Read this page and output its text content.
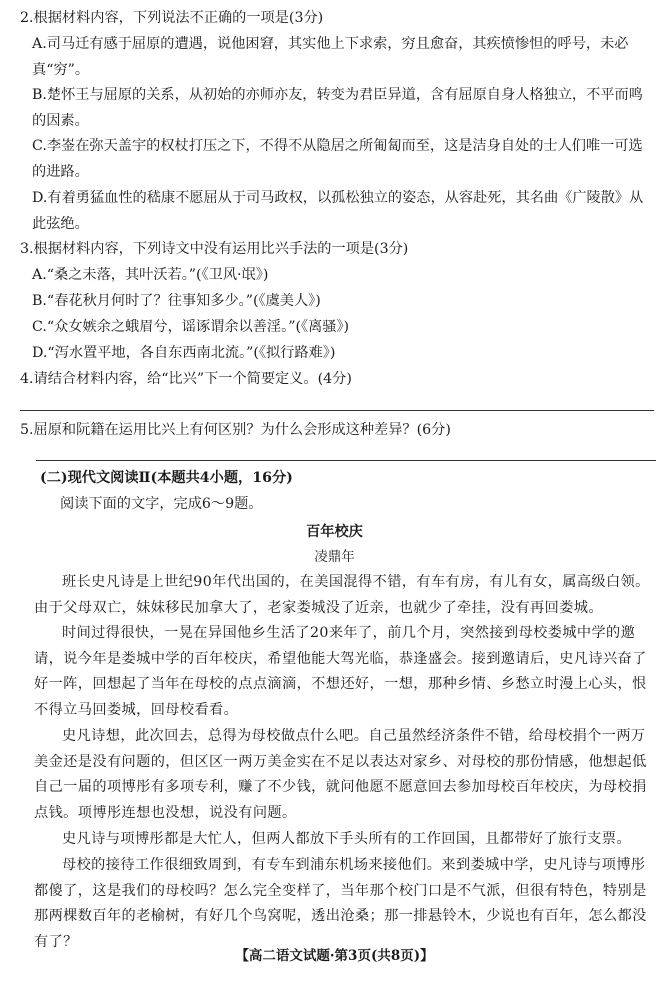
2.根据材料内容，下列说法不正确的一项是(3分)

A.司马迁有感于屈原的遭遇，说他困窘，其实他上下求索，穷且愈奋，其疾愤惨怛的呼号，未必真“穷”。

B.楚怀王与屈原的关系，从初始的亦师亦友，转变为君臣异道，含有屈原自身人格独立，不平而鸣的因素。

C.李崟在弥天盖宇的权杖打压之下，不得不从隐居之所匍匐而至，这是洁身自处的士人们唯一可选的进路。

D.有着勇猛血性的嵇康不愿屈从于司马政权，以孤松独立的姿态，从容赴死，其名曲《广陵散》从此弦绝。

3.根据材料内容，下列诗文中没有运用比兴手法的一项是(3分)

A.“桑之未落，其叶沃若。”(《卫风·氓》)

B.“春花秋月何时了？往事知多少。”(《虞美人》)

C.“众女嫉余之蛾眉兮，谣诼谓余以善淫。”(《离骚》)

D.“泻水置平地，各自东西南北流。”(《拟行路难》)

4.请结合材料内容，给“比兴”下一个简要定义。(4分)

5.屈原和阮籍在运用比兴上有何区别？为什么会形成这种差异？(6分)

(二)现代文阅读Ⅱ(本题共4小题，16分)

阅读下面的文字，完成6～9题。

百年校庆

凌鼎年

班长史凡诗是上世纪90年代出国的，在美国混得不错，有车有房，有儿有女，属高级白领。由于父母双亡，妹妹移民加拿大了，老家娄城没了近亲，也就少了牵挂，没有再回娄城。

时间过得很快，一晃在异国他乡生活了20来年了，前几个月，突然接到母校娄城中学的邀请，说今年是娄城中学的百年校庆，希望他能大驾光临，恭逢盛会。接到邀请后，史凡诗兴奋了好一阵，回想起了当年在母校的点点滴滴，不想还好，一想，那种乡情、乡愁立时漫上心头，恨不得立马回娄城，回母校看看。

史凡诗想，此次回去，总得为母校做点什么吧。自己虽然经济条件不错，给母校捐个一两万美金还是没有问题的，但区区一两万美金实在不足以表达对家乡、对母校的那份情感，他想起低自己一届的项博彤有多项专利，赚了不少钱，就问他愿不愿意回去参加母校百年校庆，为母校捐点钱。项博彤连想也没想，说没有问题。

史凡诗与项博彤都是大忙人，但两人都放下手头所有的工作回国，且都带好了旅行支票。

母校的接待工作很细致周到，有专车到浦东机场来接他们。来到娄城中学，史凡诗与项博彤都傻了，这是我们的母校吗？怎么完全变样了，当年那个校门口是不气派，但很有特色，特别是那两棵数百年的老榆树，有好几个鸟窝呢，透出沧桑；那一排悬铃木，少说也有百年，怎么都没有了？

【高二语文试题·第3页(共8页)】
